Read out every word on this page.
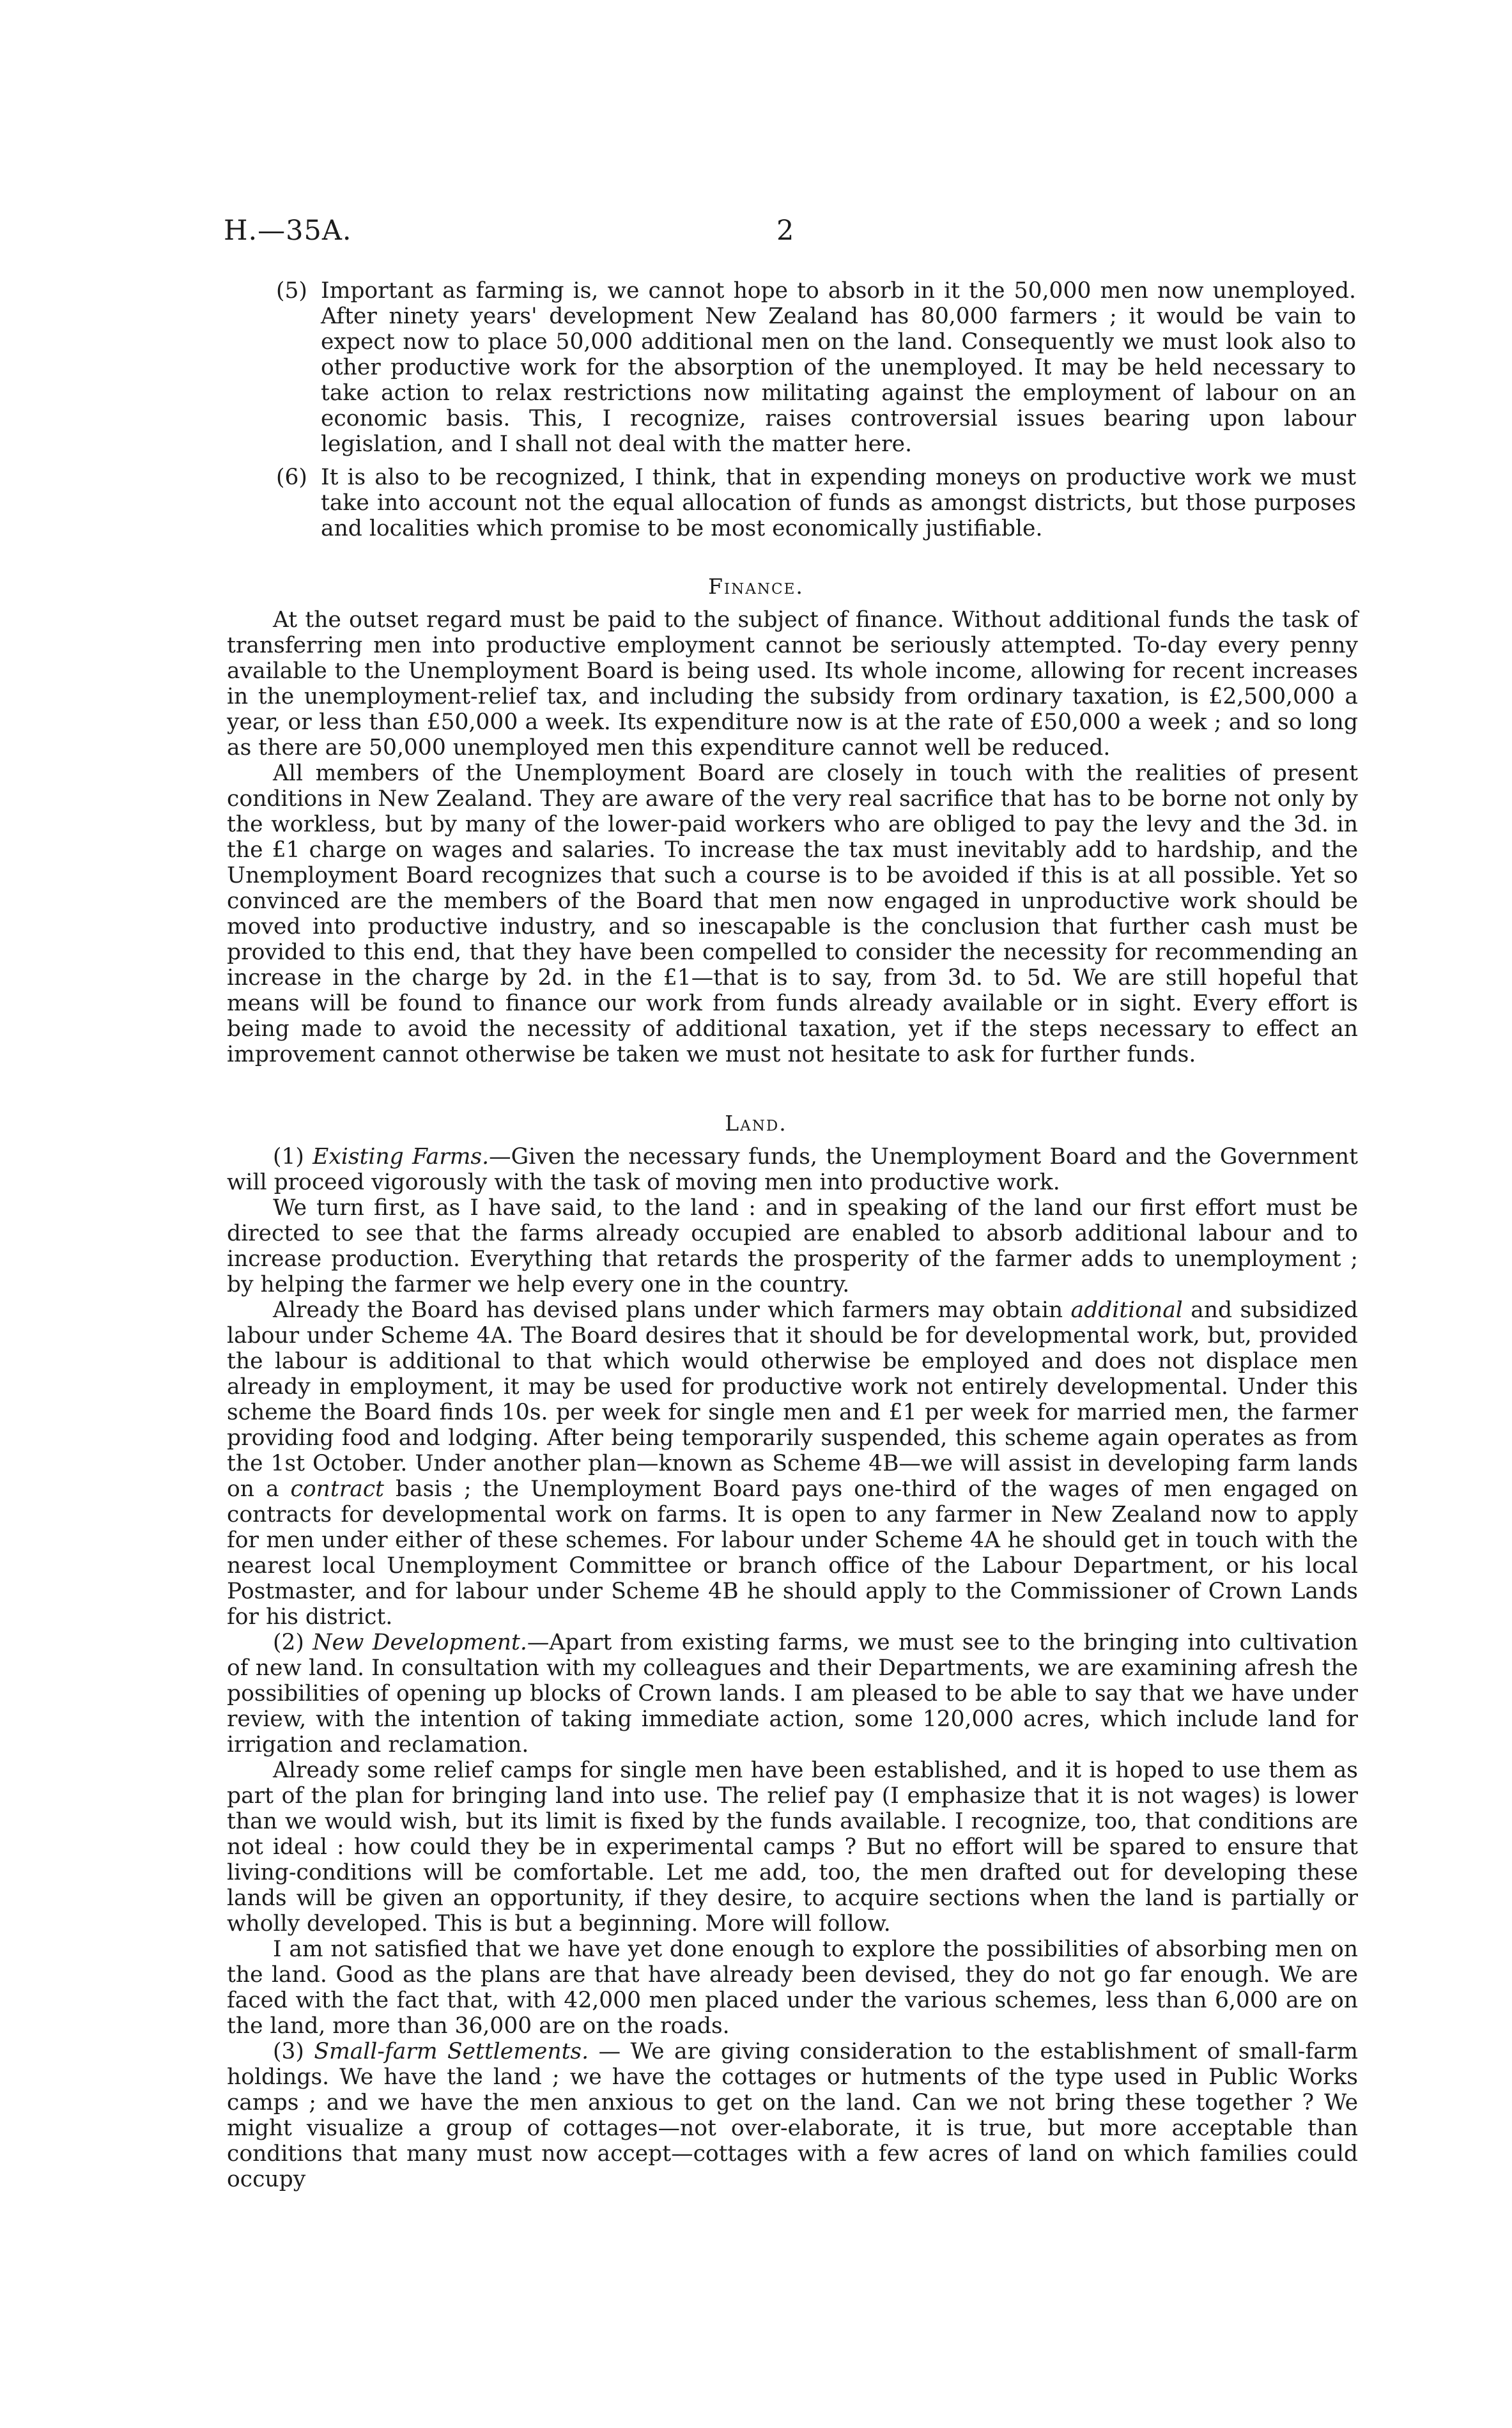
H.—35A.	2
(5) Important as farming is, we cannot hope to absorb in it the 50,000 men now unemployed. After ninety years' development New Zealand has 80,000 farmers ; it would be vain to expect now to place 50,000 additional men on the land. Consequently we must look also to other productive work for the absorption of the unemployed. It may be held necessary to take action to relax restrictions now militating against the employment of labour on an economic basis. This, I recognize, raises controversial issues bearing upon labour legislation, and I shall not deal with the matter here.
(6) It is also to be recognized, I think, that in expending moneys on productive work we must take into account not the equal allocation of funds as amongst districts, but those purposes and localities which promise to be most economically justifiable.
Finance.

At the outset regard must be paid to the subject of finance. Without additional funds the task of transferring men into productive employment cannot be seriously attempted. To-day every penny available to the Unemployment Board is being used. Its whole income, allowing for recent increases in the unemployment-relief tax, and including the subsidy from ordinary taxation, is £2,500,000 a year, or less than £50,000 a week. Its expenditure now is at the rate of £50,000 a week ; and so long as there are 50,000 unemployed men this expenditure cannot well be reduced.

All members of the Unemployment Board are closely in touch with the realities of present conditions in New Zealand. They are aware of the very real sacrifice that has to be borne not only by the workless, but by many of the lower-paid workers who are obliged to pay the levy and the 3d. in the £1 charge on wages and salaries. To increase the tax must inevitably add to hardship, and the Unemployment Board recognizes that such a course is to be avoided if this is at all possible. Yet so convinced are the members of the Board that men now engaged in unproductive work should be moved into productive industry, and so inescapable is the conclusion that further cash must be provided to this end, that they have been compelled to consider the necessity for recommending an increase in the charge by 2d. in the £1—that is to say, from 3d. to 5d. We are still hopeful that means will be found to finance our work from funds already available or in sight. Every effort is being made to avoid the necessity of additional taxation, yet if the steps necessary to effect an improvement cannot otherwise be taken we must not hesitate to ask for further funds.

Land.

(1) Existing Farms.—Given the necessary funds, the Unemployment Board and the Government will proceed vigorously with the task of moving men into productive work.

We turn first, as I have said, to the land : and in speaking of the land our first effort must be directed to see that the farms already occupied are enabled to absorb additional labour and to increase production. Everything that retards the prosperity of the farmer adds to unemployment ; by helping the farmer we help every one in the country.

Already the Board has devised plans under which farmers may obtain additional and subsidized labour under Scheme 4A. The Board desires that it should be for developmental work, but, provided the labour is additional to that which would otherwise be employed and does not displace men already in employment, it may be used for productive work not entirely developmental. Under this scheme the Board finds 10s. per week for single men and £1 per week for married men, the farmer providing food and lodging. After being temporarily suspended, this scheme again operates as from the 1st October. Under another plan—known as Scheme 4B—we will assist in developing farm lands on a contract basis ; the Unemployment Board pays one-third of the wages of men engaged on contracts for developmental work on farms. It is open to any farmer in New Zealand now to apply for men under either of these schemes. For labour under Scheme 4A he should get in touch with the nearest local Unemployment Committee or branch office of the Labour Department, or his local Postmaster, and for labour under Scheme 4B he should apply to the Commissioner of Crown Lands for his district.

(2) New Development.—Apart from existing farms, we must see to the bringing into cultivation of new land. In consultation with my colleagues and their Departments, we are examining afresh the possibilities of opening up blocks of Crown lands. I am pleased to be able to say that we have under review, with the intention of taking immediate action, some 120,000 acres, which include land for irrigation and reclamation.

Already some relief camps for single men have been established, and it is hoped to use them as part of the plan for bringing land into use. The relief pay (I emphasize that it is not wages) is lower than we would wish, but its limit is fixed by the funds available. I recognize, too, that conditions are not ideal : how could they be in experimental camps ? But no effort will be spared to ensure that living-conditions will be comfortable. Let me add, too, the men drafted out for developing these lands will be given an opportunity, if they desire, to acquire sections when the land is partially or wholly developed. This is but a beginning. More will follow.

I am not satisfied that we have yet done enough to explore the possibilities of absorbing men on the land. Good as the plans are that have already been devised, they do not go far enough. We are faced with the fact that, with 42,000 men placed under the various schemes, less than 6,000 are on the land, more than 36,000 are on the roads.

(3) Small-farm Settlements. — We are giving consideration to the establishment of small-farm holdings. We have the land ; we have the cottages or hutments of the type used in Public Works camps ; and we have the men anxious to get on the land. Can we not bring these together ? We might visualize a group of cottages—not over-elaborate, it is true, but more acceptable than conditions that many must now accept—cottages with a few acres of land on which families could occupy
